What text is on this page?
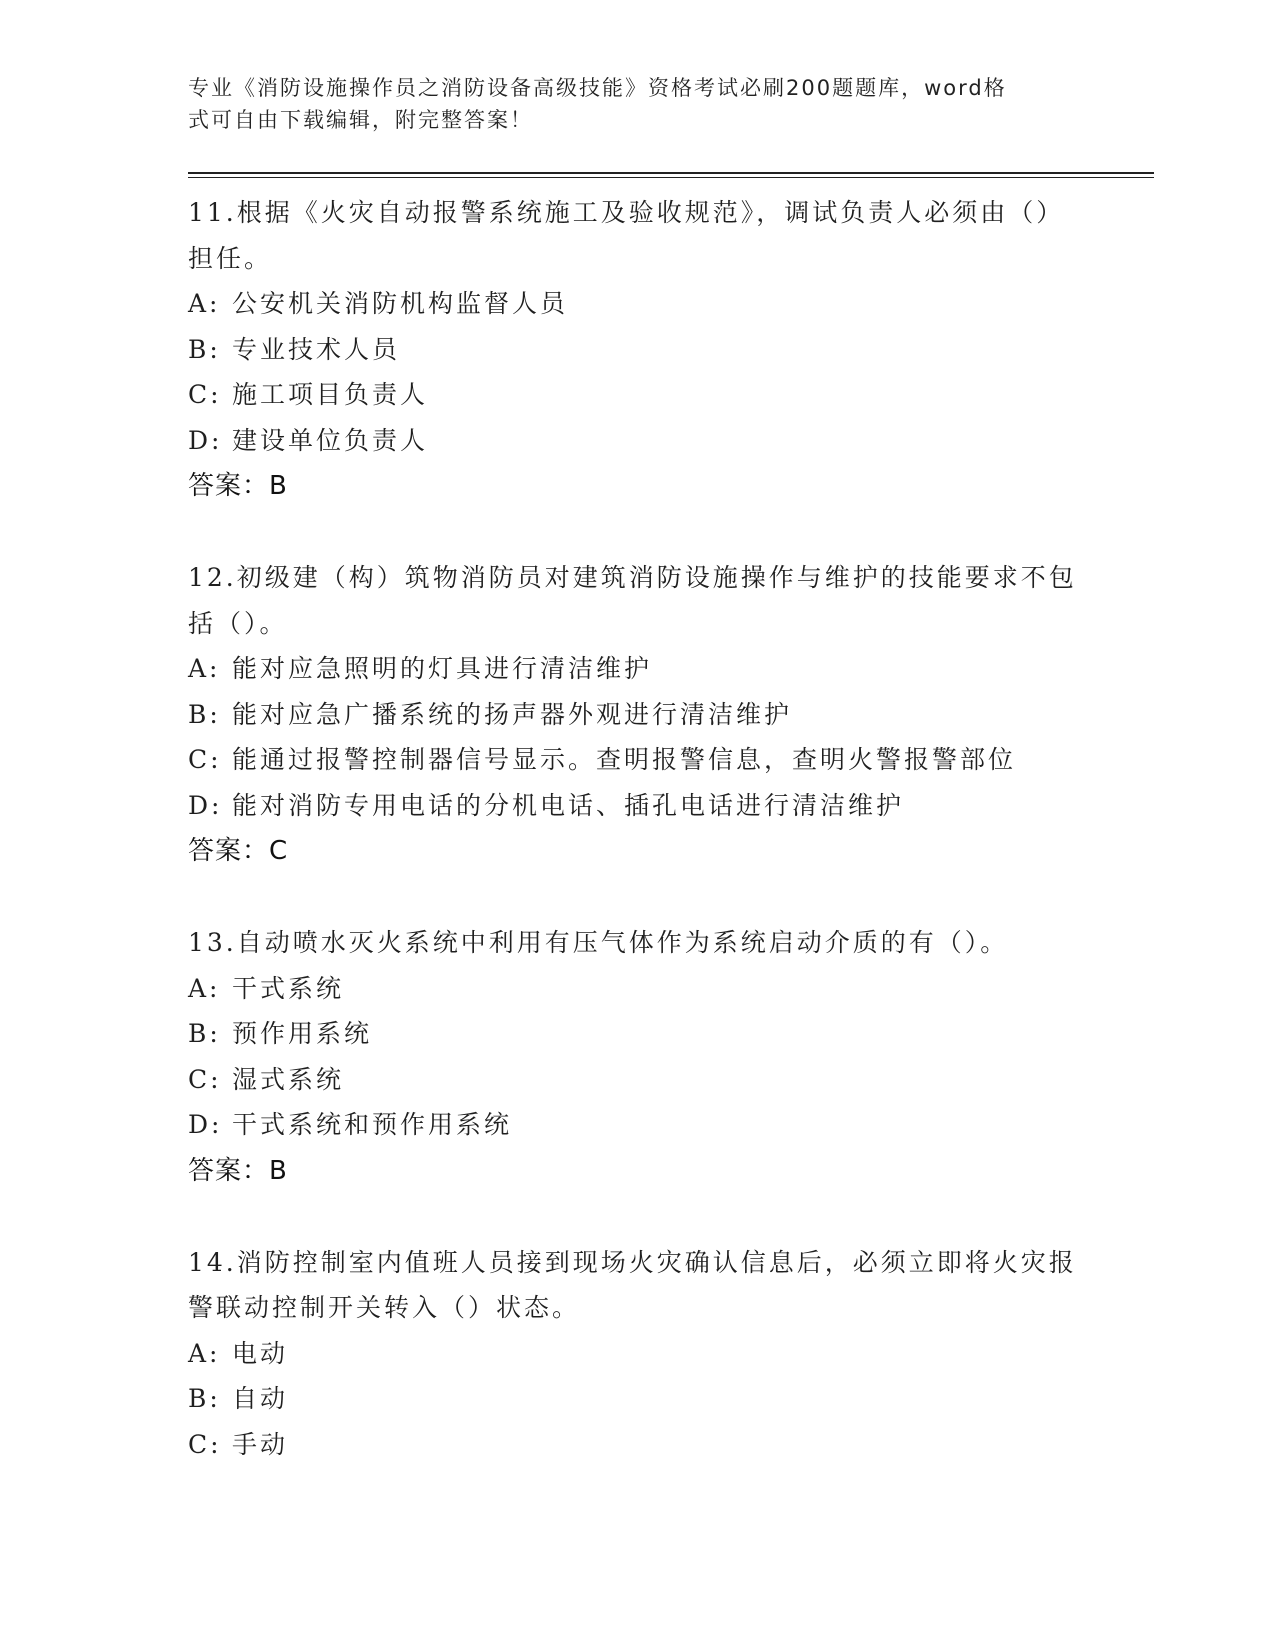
专业《消防设施操作员之消防设备高级技能》资格考试必刷200题题库，word格
式可自由下载编辑，附完整答案！
11.根据《火灾自动报警系统施工及验收规范》，调试负责人必须由（）担任。
A: 公安机关消防机构监督人员
B: 专业技术人员
C: 施工项目负责人
D: 建设单位负责人
答案：B
12.初级建（构）筑物消防员对建筑消防设施操作与维护的技能要求不包括（）。
A: 能对应急照明的灯具进行清洁维护
B: 能对应急广播系统的扬声器外观进行清洁维护
C: 能通过报警控制器信号显示。查明报警信息，查明火警报警部位
D: 能对消防专用电话的分机电话、插孔电话进行清洁维护
答案：C
13.自动喷水灭火系统中利用有压气体作为系统启动介质的有（）。
A: 干式系统
B: 预作用系统
C: 湿式系统
D: 干式系统和预作用系统
答案：B
14.消防控制室内值班人员接到现场火灾确认信息后，必须立即将火灾报警联动控制开关转入（）状态。
A: 电动
B: 自动
C: 手动
